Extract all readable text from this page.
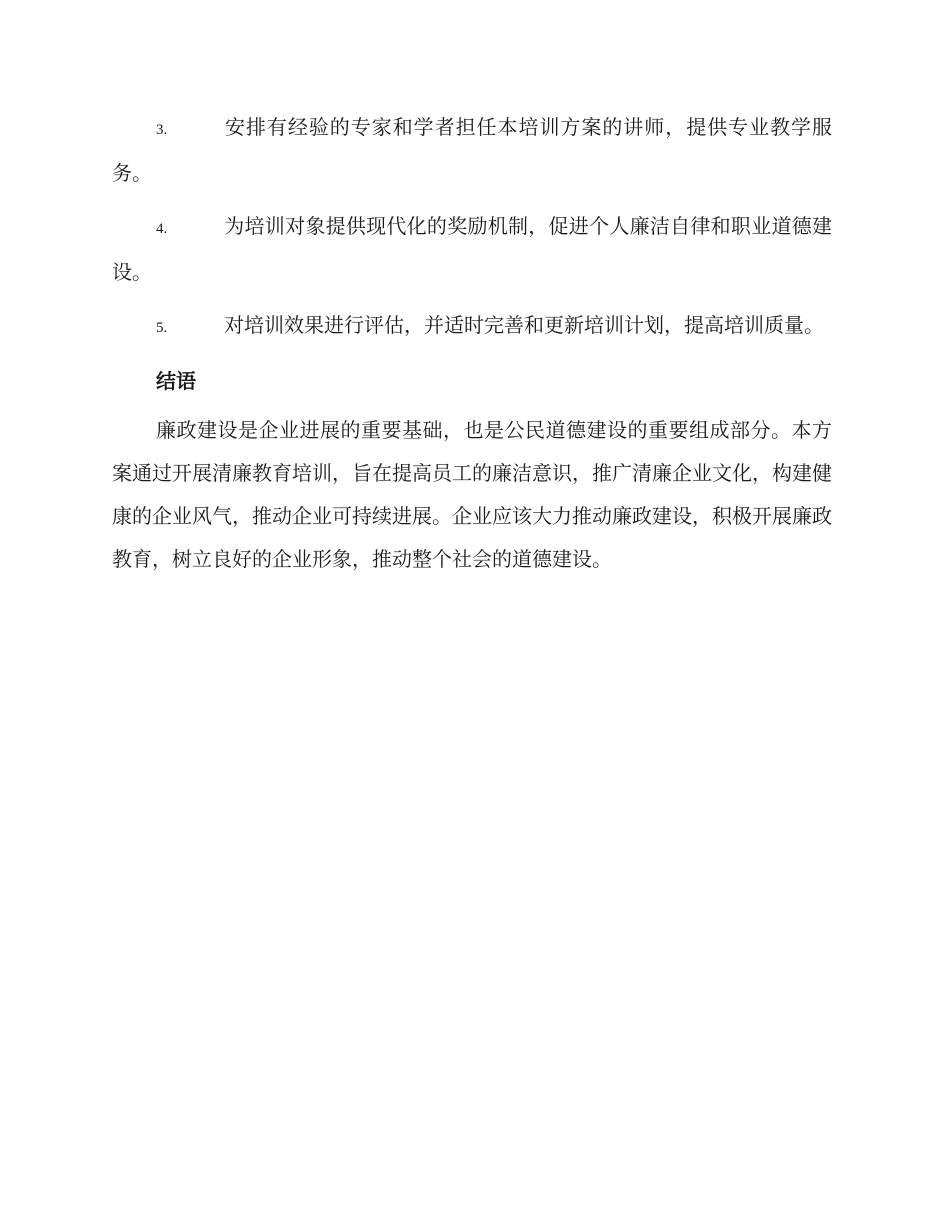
3.	安排有经验的专家和学者担任本培训方案的讲师，提供专业教学服务。
4.	为培训对象提供现代化的奖励机制，促进个人廉洁自律和职业道德建设。
5.	对培训效果进行评估，并适时完善和更新培训计划，提高培训质量。
结语

廉政建设是企业进展的重要基础，也是公民道德建设的重要组成部分。本方案通过开展清廉教育培训，旨在提高员工的廉洁意识，推广清廉企业文化，构建健康的企业风气，推动企业可持续进展。企业应该大力推动廉政建设，积极开展廉政教育，树立良好的企业形象，推动整个社会的道德建设。
